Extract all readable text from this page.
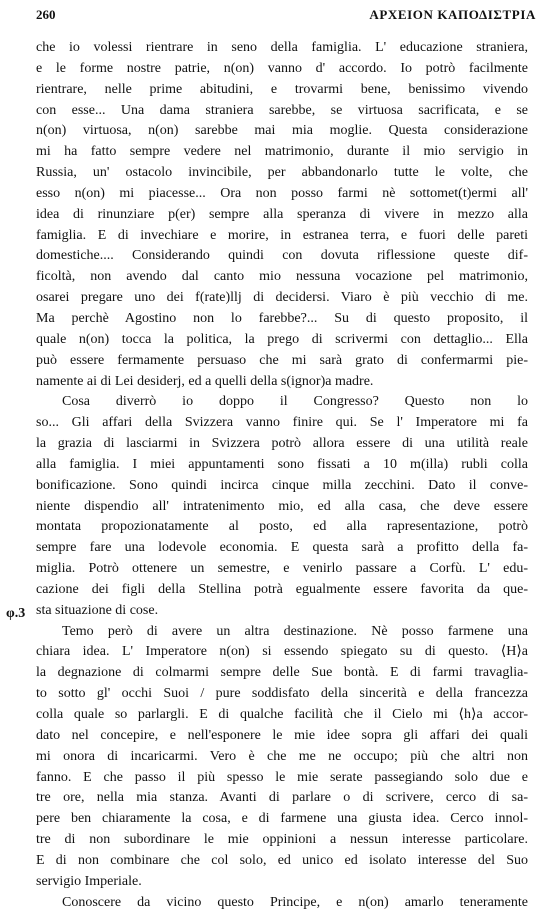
260	ΑΡΧΕΙΟΝ ΚΑΠΟΔΙΣΤΡΙΑ
φ.3
che io volessi rientrare in seno della famiglia. L' educazione straniera,
e le forme nostre patrie, n(on) vanno d' accordo. Io potrò facilmente
rientrare, nelle prime abitudini, e trovarmi bene, benissimo vivendo
con esse... Una dama straniera sarebbe, se virtuosa sacrificata, e se
n(on) virtuosa, n(on) sarebbe mai mia moglie. Questa considerazione
mi ha fatto sempre vedere nel matrimonio, durante il mio servigio in
Russia, un' ostacolo invincibile, per abbandonarlo tutte le volte, che
esso n(on) mi piacesse... Ora non posso farmi nè sottomet(t)ermi all'
idea di rinunziare p(er) sempre alla speranza di vivere in mezzo alla
famiglia. E di invechiare e morire, in estranea terra, e fuori delle pareti
domestiche.... Considerando quindi con dovuta riflessione queste dif-
ficoltà, non avendo dal canto mio nessuna vocazione pel matrimonio,
osarei pregare uno dei f(rate)llj di decidersi. Viaro è più vecchio di me.
Ma perchè Agostino non lo farebbe?... Su di questo proposito, il
quale n(on) tocca la politica, la prego di scrivermi con dettaglio... Ella
può essere fermamente persuaso che mi sarà grato di confermarmi pie-
namente ai di Lei desiderj, ed a quelli della s(ignor)a madre.
Cosa diverrò io doppo il Congresso? Questo non lo
so... Gli affari della Svizzera vanno finire qui. Se l' Imperatore mi fa
la grazia di lasciarmi in Svizzera potrò allora essere di una utilità reale
alla famiglia. I miei appuntamenti sono fissati a 10 m(illa) rubli colla
bonificazione. Sono quindi incirca cinque milla zecchini. Dato il conve-
niente dispendio all' intratenimento mio, ed alla casa, che deve essere
montata propozionatamente al posto, ed alla rapresentazione, potrò
sempre fare una lodevole economia. E questa sarà a profitto della fa-
miglia. Potrò ottenere un semestre, e venirlo passare a Corfù. L' edu-
cazione dei figli della Stellina potrà egualmente essere favorita da que-
sta situazione di cose.
Temo però di avere un altra destinazione. Nè posso farmene una
chiara idea. L' Imperatore n(on) si essendo spiegato su di questo. ⟨H⟩a
la degnazione di colmarmi sempre delle Sue bontà. E di farmi travaglia-
to sotto gl' occhi Suoi / pure soddisfato della sincerità e della francezza
colla quale so parlargli. E di qualche facilità che il Cielo mi ⟨h⟩a accor-
dato nel concepire, e nell'esponere le mie idee sopra gli affari dei quali
mi onora di incaricarmi. Vero è che me ne occupo; più che altri non
fanno. E che passo il più spesso le mie serate passegiando solo due e
tre ore, nella mia stanza. Avanti di parlare o di scrivere, cerco di sa-
pere ben chiaramente la cosa, e di farmene una giusta idea. Cerco innol-
tre di non subordinare le mie oppinioni a nessun interesse particolare.
E di non combinare che col solo, ed unico ed isolato interesse del Suo
servigio Imperiale.
Conoscere da vicino questo Principe, e n(on) amarlo teneramente
